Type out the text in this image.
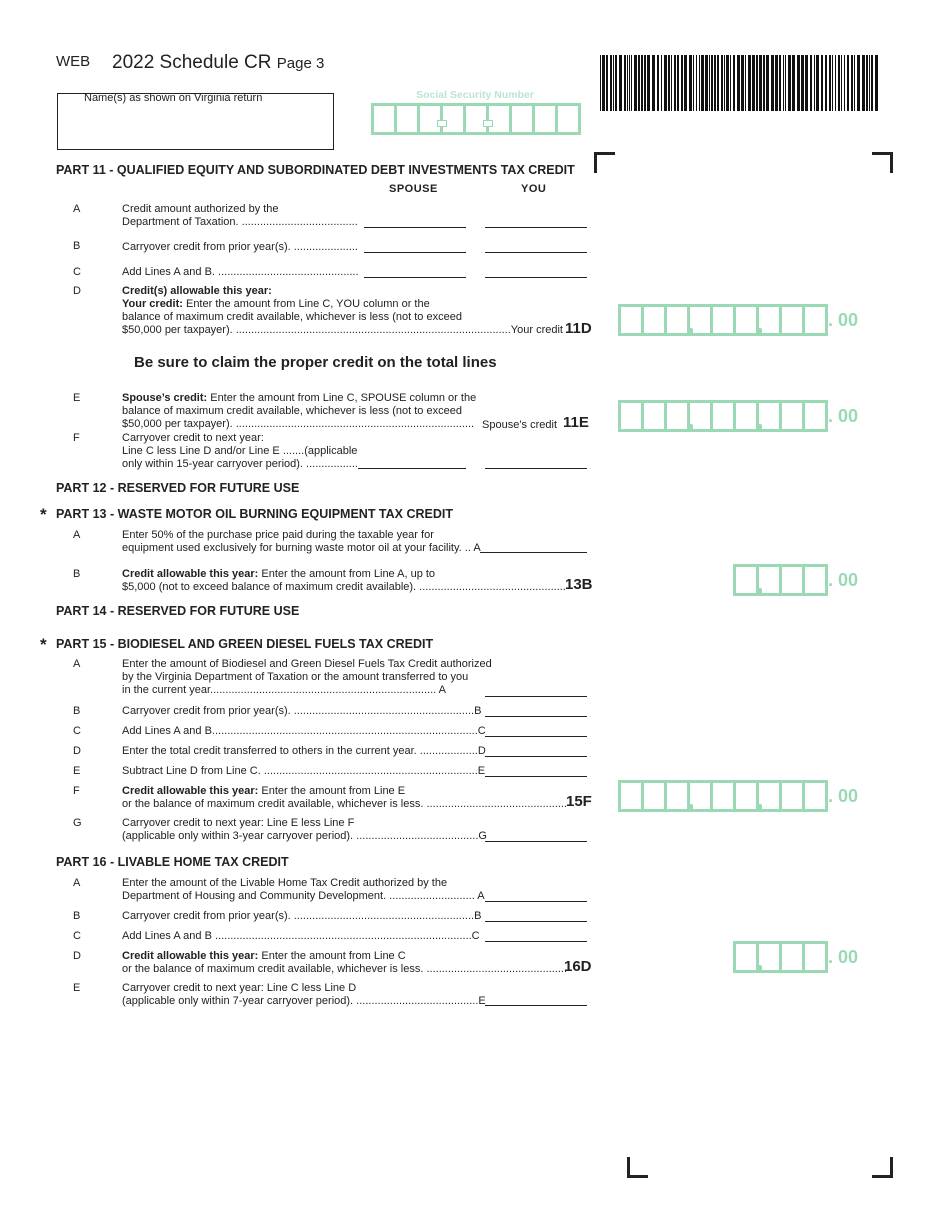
WEB 2022 Schedule CR Page 3
Name(s) as shown on Virginia return	Social Security Number
PART 11 - QUALIFIED EQUITY AND SUBORDINATED DEBT INVESTMENTS TAX CREDIT
SPOUSE	YOU
A	Credit amount authorized by the
Department of Taxation. ......................................
B	Carryover credit from prior year(s). .....................
C	Add Lines A and B. ..............................................
D	Credit(s) allowable this year:
Your credit: Enter the amount from Line C, YOU column or the
balance of maximum credit available, whichever is less (not to exceed
$50,000 per taxpayer). ..........................................................................................Your credit 11D	. 00
Be sure to claim the proper credit on the total lines
E	Spouse’s credit: Enter the amount from Line C, SPOUSE column or the
balance of maximum credit available, whichever is less (not to exceed
$50,000 per taxpayer). .............................................................................. Spouse’s credit 11E	. 00
F	Carryover credit to next year:
Line C less Line D and/or Line E .......(applicable
only within 15-year carryover period). .................
PART 12 - RESERVED FOR FUTURE USE
* PART 13 - WASTE MOTOR OIL BURNING EQUIPMENT TAX CREDIT
A	Enter 50% of the purchase price paid during the taxable year for
equipment used exclusively for burning waste motor oil at your facility. .. A
B	Credit allowable this year: Enter the amount from Line A, up to
$5,000 (not to exceed balance of maximum credit available). ................................................ 13B	. 00
PART 14 - RESERVED FOR FUTURE USE
* PART 15 - BIODIESEL AND GREEN DIESEL FUELS TAX CREDIT
A	Enter the amount of Biodiesel and Green Diesel Fuels Tax Credit authorized
by the Virginia Department of Taxation or the amount transferred to you
in the current year.......................................................................... A
B	Carryover credit from prior year(s). ...........................................................B
C	Add Lines A and B.......................................................................................C
D	Enter the total credit transferred to others in the current year. ...................D
E	Subtract Line D from Line C. ......................................................................E
F	Credit allowable this year: Enter the amount from Line E
or the balance of maximum credit available, whichever is less. ..............................................
15F	. 00
G	Carryover credit to next year: Line E less Line F
(applicable only within 3-year carryover period). ........................................G
PART 16 - LIVABLE HOME TAX CREDIT
A	Enter the amount of the Livable Home Tax Credit authorized by the
Department of Housing and Community Development. ............................ A
B	Carryover credit from prior year(s). ...........................................................B
C	Add Lines A and B ....................................................................................C
D	Credit allowable this year: Enter the amount from Line C
or the balance of maximum credit available, whichever is less. ..............................................
16D	. 00
E	Carryover credit to next year: Line C less Line D
(applicable only within 7-year carryover period). ........................................E
